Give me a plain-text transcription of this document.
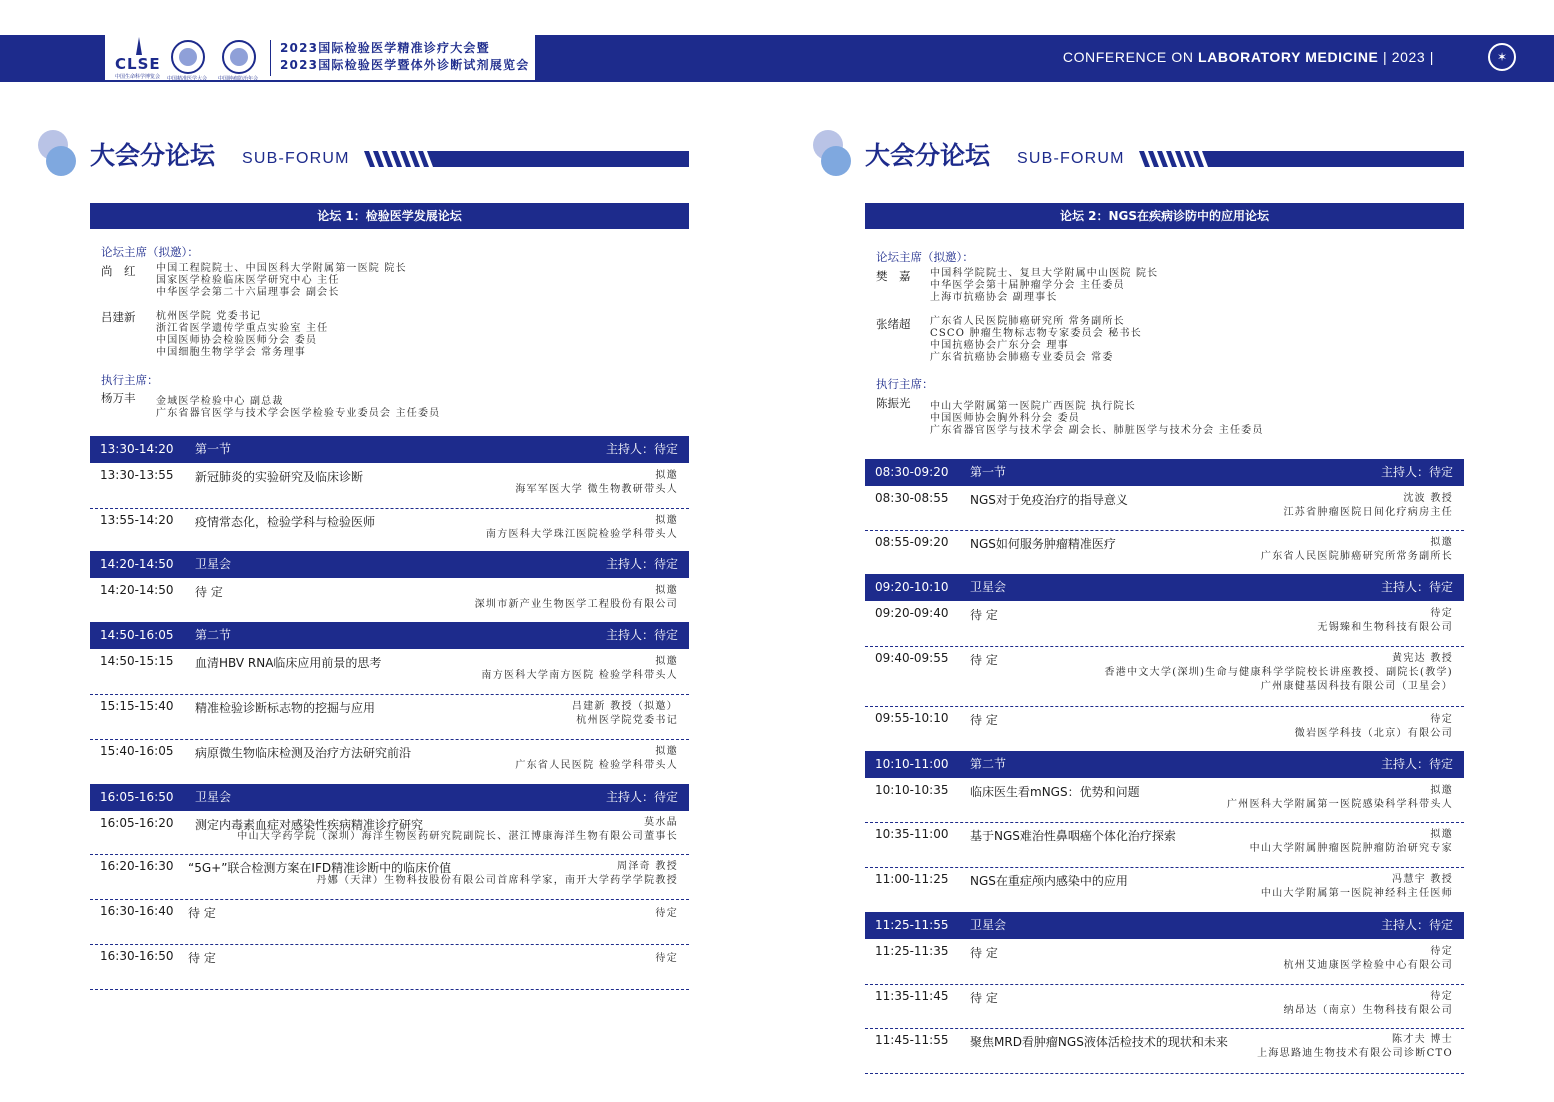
CLSE
中国生命科学博览会 中国精准医学大会 中国肿瘤防治年会
2023国际检验医学精准诊疗大会暨
2023国际检验医学暨体外诊断试剂展览会	CONFERENCE ON LABORATORY MEDICINE | 2023 |	✶
大会分论坛 SUB-FORUM
论坛 1：检验医学发展论坛
论坛主席（拟邀）：
尚　红 中国工程院院士、中国医科大学附属第一医院 院长
国家医学检验临床医学研究中心 主任
中华医学会第二十六届理事会 副会长
吕建新 杭州医学院 党委书记
浙江省医学遗传学重点实验室 主任
中国医师协会检验医师分会 委员
中国细胞生物学学会 常务理事
执行主席：
杨万丰 金域医学检验中心 副总裁
广东省器官医学与技术学会医学检验专业委员会 主任委员
13:30-14:20 第一节	主持人：待定
13:30-13:55 新冠肺炎的实验研究及临床诊断	拟邀
海军军医大学 微生物教研带头人
13:55-14:20 疫情常态化，检验学科与检验医师	拟邀
南方医科大学珠江医院检验学科带头人
14:20-14:50 卫星会	主持人：待定
14:20-14:50 待 定	拟邀
深圳市新产业生物医学工程股份有限公司
14:50-16:05 第二节	主持人：待定
14:50-15:15 血清HBV RNA临床应用前景的思考	拟邀
南方医科大学南方医院 检验学科带头人
15:15-15:40 精准检验诊断标志物的挖掘与应用	吕建新 教授（拟邀）
杭州医学院党委书记
15:40-16:05 病原微生物临床检测及治疗方法研究前沿	拟邀
广东省人民医院 检验学科带头人
16:05-16:50 卫星会	主持人：待定
16:05-16:20 测定内毒素血症对感染性疾病精准诊疗研究	莫水晶
中山大学药学院（深圳）海洋生物医药研究院副院长、湛江博康海洋生物有限公司董事长
16:20-16:30 “5G+”联合检测方案在IFD精准诊断中的临床价值	周泽奇 教授
丹娜（天津）生物科技股份有限公司首席科学家，南开大学药学学院教授
16:30-16:40 待 定	待定
16:30-16:50 待 定	待定
大会分论坛 SUB-FORUM
论坛 2：NGS在疾病诊防中的应用论坛
论坛主席（拟邀）：
樊　嘉 中国科学院院士、复旦大学附属中山医院 院长
中华医学会第十届肿瘤学分会 主任委员
上海市抗癌协会 副理事长
张绪超 广东省人民医院肺癌研究所 常务副所长
CSCO 肿瘤生物标志物专家委员会 秘书长
中国抗癌协会广东分会 理事
广东省抗癌协会肺癌专业委员会 常委
执行主席：
陈振光 中山大学附属第一医院广西医院 执行院长
中国医师协会胸外科分会 委员
广东省器官医学与技术学会 副会长、肺脏医学与技术分会 主任委员
08:30-09:20 第一节	主持人：待定
08:30-08:55 NGS对于免疫治疗的指导意义	沈波 教授
江苏省肿瘤医院日间化疗病房主任
08:55-09:20 NGS如何服务肿瘤精准医疗	拟邀
广东省人民医院肺癌研究所常务副所长
09:20-10:10 卫星会	主持人：待定
09:20-09:40 待 定	待定
无锡臻和生物科技有限公司
09:40-09:55 待 定	黄宪达 教授
香港中文大学(深圳)生命与健康科学学院校长讲座教授、副院长(教学)
广州康健基因科技有限公司（卫星会）
09:55-10:10 待 定	待定
微岩医学科技（北京）有限公司
10:10-11:00 第二节	主持人：待定
10:10-10:35 临床医生看mNGS：优势和问题	拟邀
广州医科大学附属第一医院感染科学科带头人
10:35-11:00 基于NGS难治性鼻咽癌个体化治疗探索	拟邀
中山大学附属肿瘤医院肿瘤防治研究专家
11:00-11:25 NGS在重症颅内感染中的应用	冯慧宇 教授
中山大学附属第一医院神经科主任医师
11:25-11:55 卫星会	主持人：待定
11:25-11:35 待 定	待定
杭州艾迪康医学检验中心有限公司
11:35-11:45 待 定	待定
纳昂达（南京）生物科技有限公司
11:45-11:55 聚焦MRD看肿瘤NGS液体活检技术的现状和未来	陈才夫 博士
上海思路迪生物技术有限公司诊断CTO
